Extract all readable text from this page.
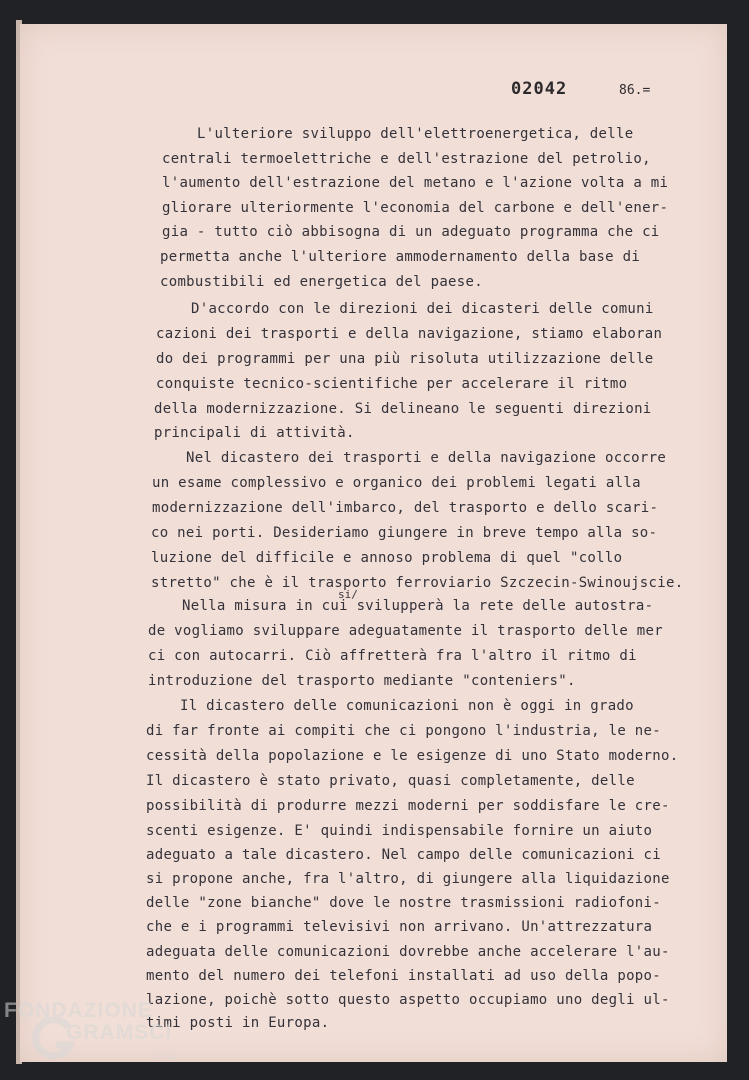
02042	86.=
L'ulteriore sviluppo dell'elettroenergetica, delle
centrali termoelettriche e dell'estrazione del petrolio,
l'aumento dell'estrazione del metano e l'azione volta a mi
gliorare ulteriormente l'economia del carbone e dell'ener-
gia - tutto ciò abbisogna di un adeguato programma che ci
permetta anche l'ulteriore ammodernamento della base di
combustibili ed energetica del paese.
D'accordo con le direzioni dei dicasteri delle comuni
cazioni dei trasporti e della navigazione, stiamo elaboran
do dei programmi per una più risoluta utilizzazione delle
conquiste tecnico-scientifiche per accelerare il ritmo
della modernizzazione. Si delineano le seguenti direzioni
principali di attività.
Nel dicastero dei trasporti e della navigazione occorre
un esame complessivo e organico dei problemi legati alla
modernizzazione dell'imbarco, del trasporto e dello scari-
co nei porti. Desideriamo giungere in breve tempo alla so-
luzione del difficile e annoso problema di quel "collo
stretto" che è il trasporto ferroviario Szczecin-Swinoujscie.
si/
Nella misura in cui svilupperà la rete delle autostra-
de vogliamo sviluppare adeguatamente il trasporto delle mer
ci con autocarri. Ciò affretterà fra l'altro il ritmo di
introduzione del trasporto mediante "conteniers".
Il dicastero delle comunicazioni non è oggi in grado
di far fronte ai compiti che ci pongono l'industria, le ne-
cessità della popolazione e le esigenze di uno Stato moderno.
Il dicastero è stato privato, quasi completamente, delle
possibilità di produrre mezzi moderni per soddisfare le cre-
scenti esigenze. E' quindi indispensabile fornire un aiuto
adeguato a tale dicastero. Nel campo delle comunicazioni ci
si propone anche, fra l'altro, di giungere alla liquidazione
delle "zone bianche" dove le nostre trasmissioni radiofoni-
che e i programmi televisivi non arrivano. Un'attrezzatura
adeguata delle comunicazioni dovrebbe anche accelerare l'au-
mento del numero dei telefoni installati ad uso della popo-
lazione, poichè sotto questo aspetto occupiamo uno degli ul-
timi posti in Europa.
FONDAZIONE
GRAMSCI
onlus
